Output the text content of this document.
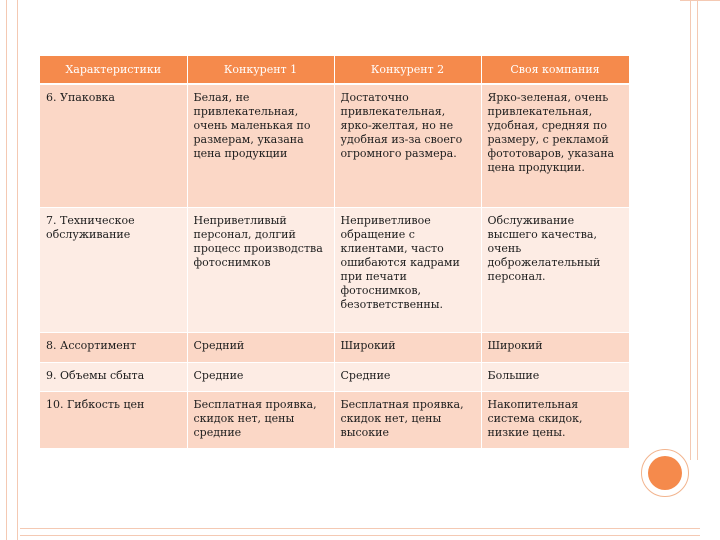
Характеристики	Конкурент 1	Конкурент 2	Своя компания
6. Упаковка	Белая, не привлекательная, очень маленькая по размерам, указана цена продукции	Достаточно привлекательная, ярко-желтая, но не удобная из-за своего огромного размера.	Ярко-зеленая, очень привлекательная, удобная, средняя по размеру, с рекламой фототоваров, указана цена продукции.
7. Техническое обслуживание	Неприветливый персонал, долгий процесс производства фотоснимков	Неприветливое обращение с клиентами, часто ошибаются кадрами при печати фотоснимков, безответственны.	Обслуживание высшего качества, очень доброжелательный персонал.
8. Ассортимент	Средний	Широкий	Широкий
9. Объемы сбыта	Средние	Средние	Большие
10. Гибкость цен	Бесплатная проявка, скидок нет, цены средние	Бесплатная проявка, скидок нет, цены высокие	Накопительная система скидок, низкие цены.
